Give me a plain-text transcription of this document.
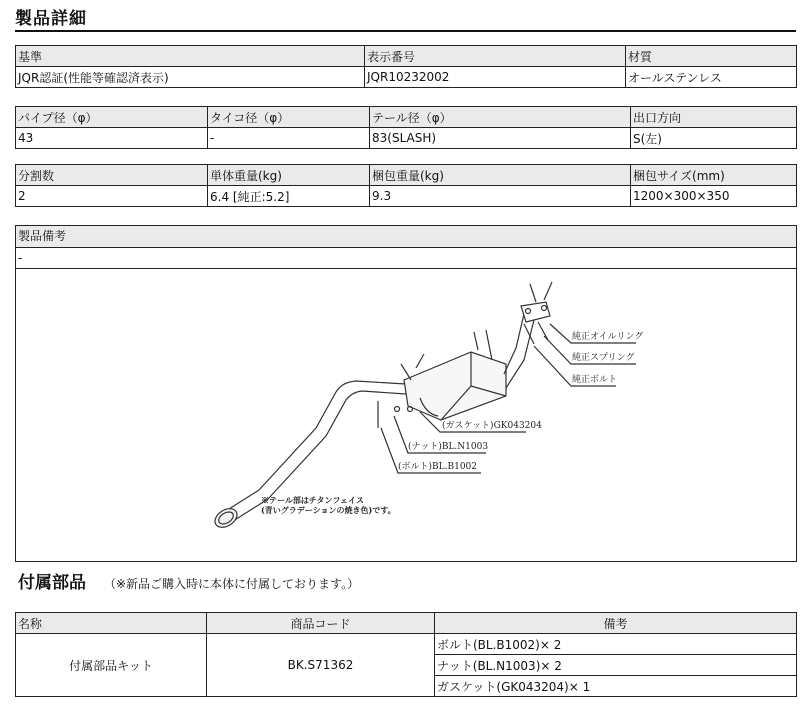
製品詳細
基準	表示番号	材質
JQR認証(性能等確認済表示)	JQR10232002	オールステンレス
パイプ径（φ）	タイコ径（φ）	テール径（φ）	出口方向
43	-	83(SLASH)	S(左)
分割数	単体重量(kg)	梱包重量(kg)	梱包サイズ(mm)
2	6.4 [純正:5.2]	9.3	1200×300×350
製品備考
-
純正オイルリング
純正スプリング
純正ボルト
(ガスケット)GK043204
(ナット)BL.N1003
(ボルト)BL.B1002
※テール部はチタンフェイス
(青いグラデーションの焼き色)です。
付属部品 （※新品ご購入時に本体に付属しております。）
名称	商品コード	備考
付属部品キット	BK.S71362	ボルト(BL.B1002)× 2
		ナット(BL.N1003)× 2
		ガスケット(GK043204)× 1
